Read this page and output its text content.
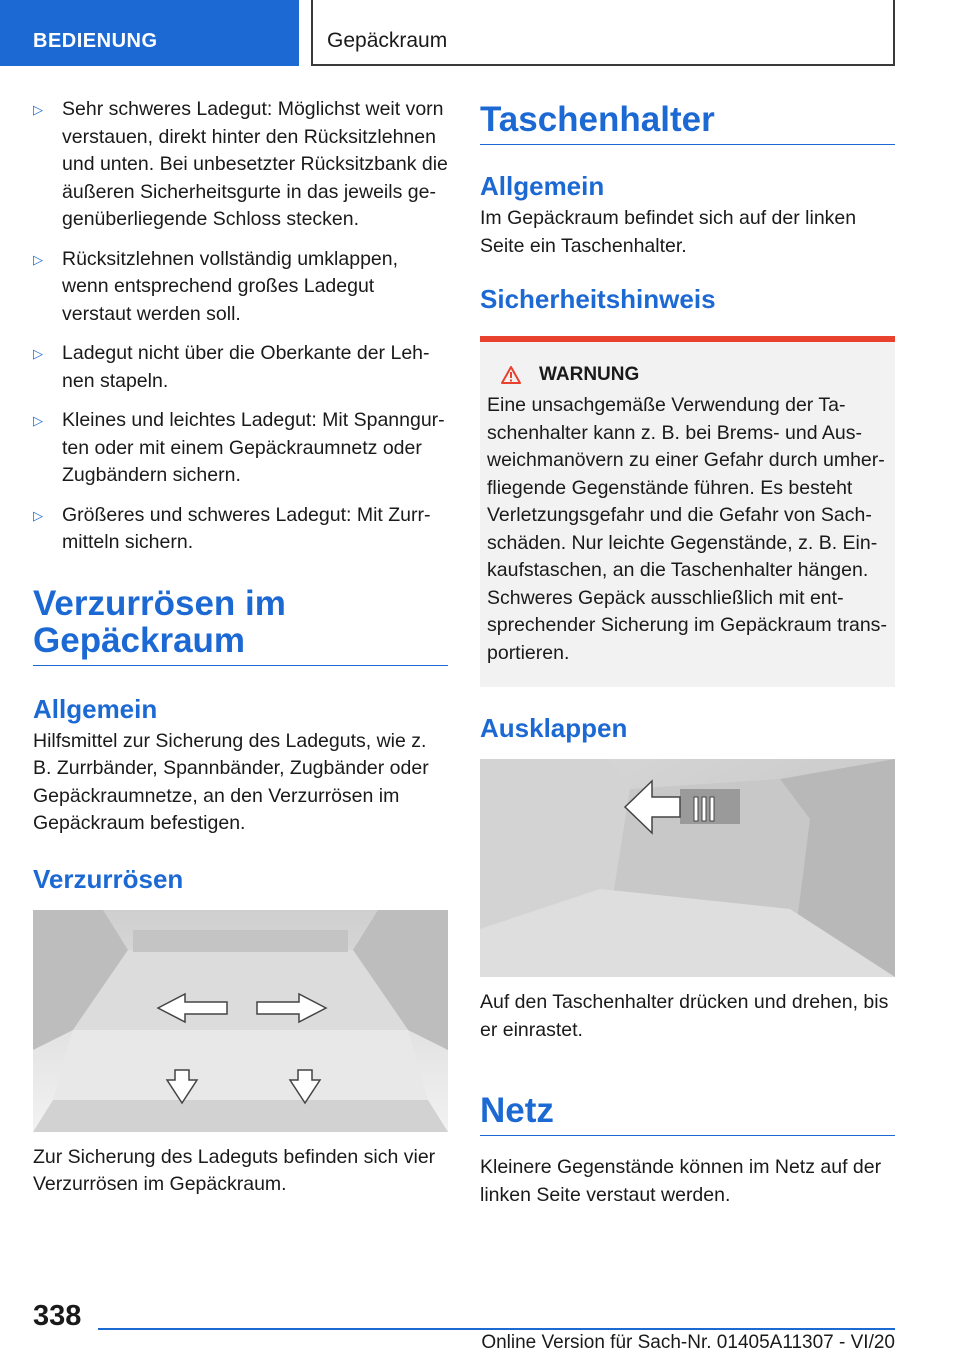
BEDIENUNG	Gepäckraum
▷ Sehr schweres Ladegut: Möglichst weit vorn verstauen, direkt hinter den Rücksitzlehnen und unten. Bei unbesetzter Rücksitzbank die äußeren Sicherheitsgurte in das jeweils gegenüberliegende Schloss stecken.
▷ Rücksitzlehnen vollständig umklappen, wenn entsprechend großes Ladegut verstaut werden soll.
▷ Ladegut nicht über die Oberkante der Lehnen stapeln.
▷ Kleines und leichtes Ladegut: Mit Spanngurten oder mit einem Gepäckraumnetz oder Zugbändern sichern.
▷ Größeres und schweres Ladegut: Mit Zurrmitteln sichern.
Verzurrösen im Gepäckraum
Allgemein
Hilfsmittel zur Sicherung des Ladeguts, wie z. B. Zurrbänder, Spannbänder, Zugbänder oder Gepäckraumnetze, an den Verzurrösen im Gepäckraum befestigen.
Verzurrösen
Zur Sicherung des Ladeguts befinden sich vier Verzurrösen im Gepäckraum.
Taschenhalter
Allgemein
Im Gepäckraum befindet sich auf der linken Seite ein Taschenhalter.
Sicherheitshinweis
WARNUNG
Eine unsachgemäße Verwendung der Taschenhalter kann z. B. bei Brems- und Ausweichmanövern zu einer Gefahr durch umherfliegende Gegenstände führen. Es besteht Verletzungsgefahr und die Gefahr von Sachschäden. Nur leichte Gegenstände, z. B. Einkaufstaschen, an die Taschenhalter hängen. Schweres Gepäck ausschließlich mit entsprechender Sicherung im Gepäckraum transportieren.
Ausklappen
Auf den Taschenhalter drücken und drehen, bis er einrastet.
Netz
Kleinere Gegenstände können im Netz auf der linken Seite verstaut werden.
338
Online Version für Sach-Nr. 01405A11307 - VI/20
